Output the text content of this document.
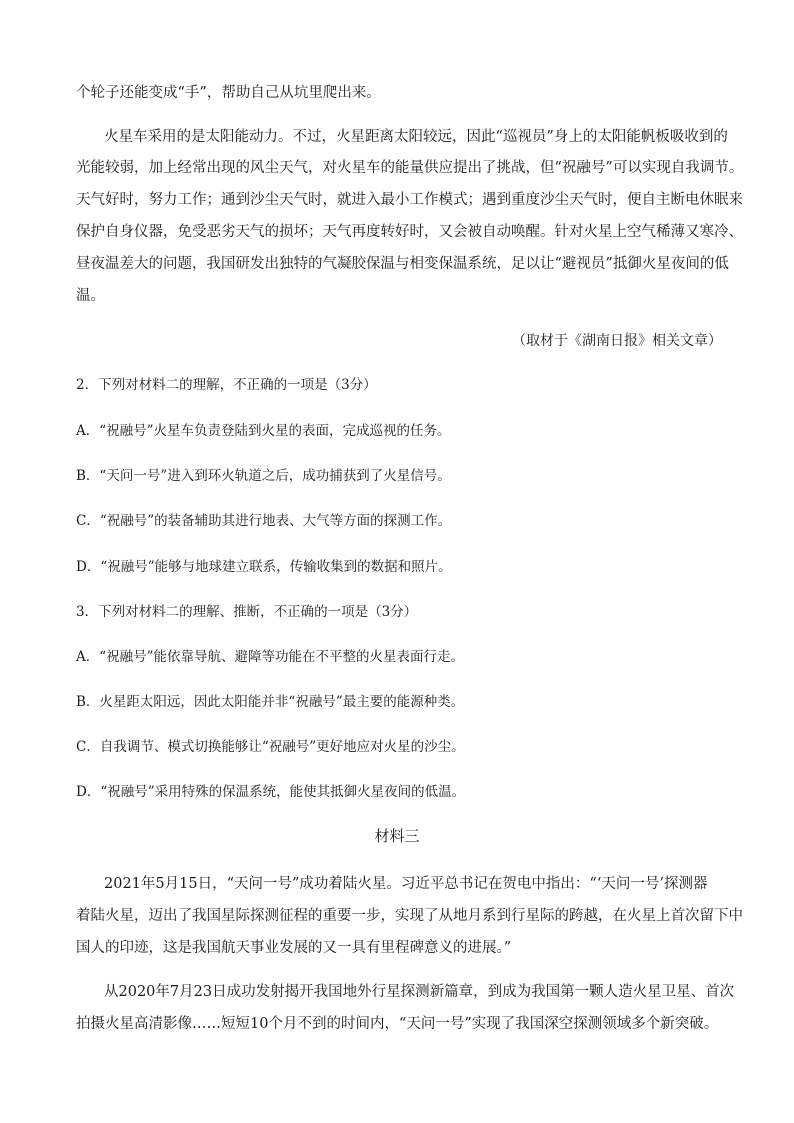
个轮子还能变成“手”，帮助自己从坑里爬出来。
火星车采用的是太阳能动力。不过，火星距离太阳较远，因此“巡视员”身上的太阳能帆板吸收到的
光能较弱，加上经常出现的风尘天气，对火星车的能量供应提出了挑战，但“祝融号”可以实现自我调节。
天气好时，努力工作；通到沙尘天气时，就进入最小工作模式；遇到重度沙尘天气时，便自主断电休眠来
保护自身仪器，免受恶劣天气的损坏；天气再度转好时，又会被自动唤醒。针对火星上空气稀薄又寒冷、
昼夜温差大的问题，我国研发出独特的气凝胶保温与相变保温系统，足以让“避视员”抵御火星夜间的低
温。
（取材于《湖南日报》相关文章）
2．下列对材料二的理解，不正确的一项是（3分）
A．“祝融号”火星车负责登陆到火星的表面，完成巡视的任务。
B．“天问一号”进入到环火轨道之后，成功捕获到了火星信号。
C．“祝融号”的装备辅助其进行地表、大气等方面的探测工作。
D．“祝融号”能够与地球建立联系，传输收集到的数据和照片。
3．下列对材料二的理解、推断，不正确的一项是（3分）
A．“祝融号”能依靠导航、避障等功能在不平整的火星表面行走。
B．火星距太阳远，因此太阳能并非“祝融号”最主要的能源种类。
C．自我调节、模式切换能够让“祝融号”更好地应对火星的沙尘。
D．“祝融号”采用特殊的保温系统，能使其抵御火星夜间的低温。
材料三
2021年5月15日，“天问一号”成功着陆火星。习近平总书记在贺电中指出：“‘天问一号’探测器
着陆火星，迈出了我国星际探测征程的重要一步，实现了从地月系到行星际的跨越，在火星上首次留下中
国人的印迹，这是我国航天事业发展的又一具有里程碑意义的进展。”
从2020年7月23日成功发射揭开我国地外行星探测新篇章，到成为我国第一颗人造火星卫星、首次
拍摄火星高清影像……短短10个月不到的时间内，“天问一号”实现了我国深空探测领域多个新突破。
